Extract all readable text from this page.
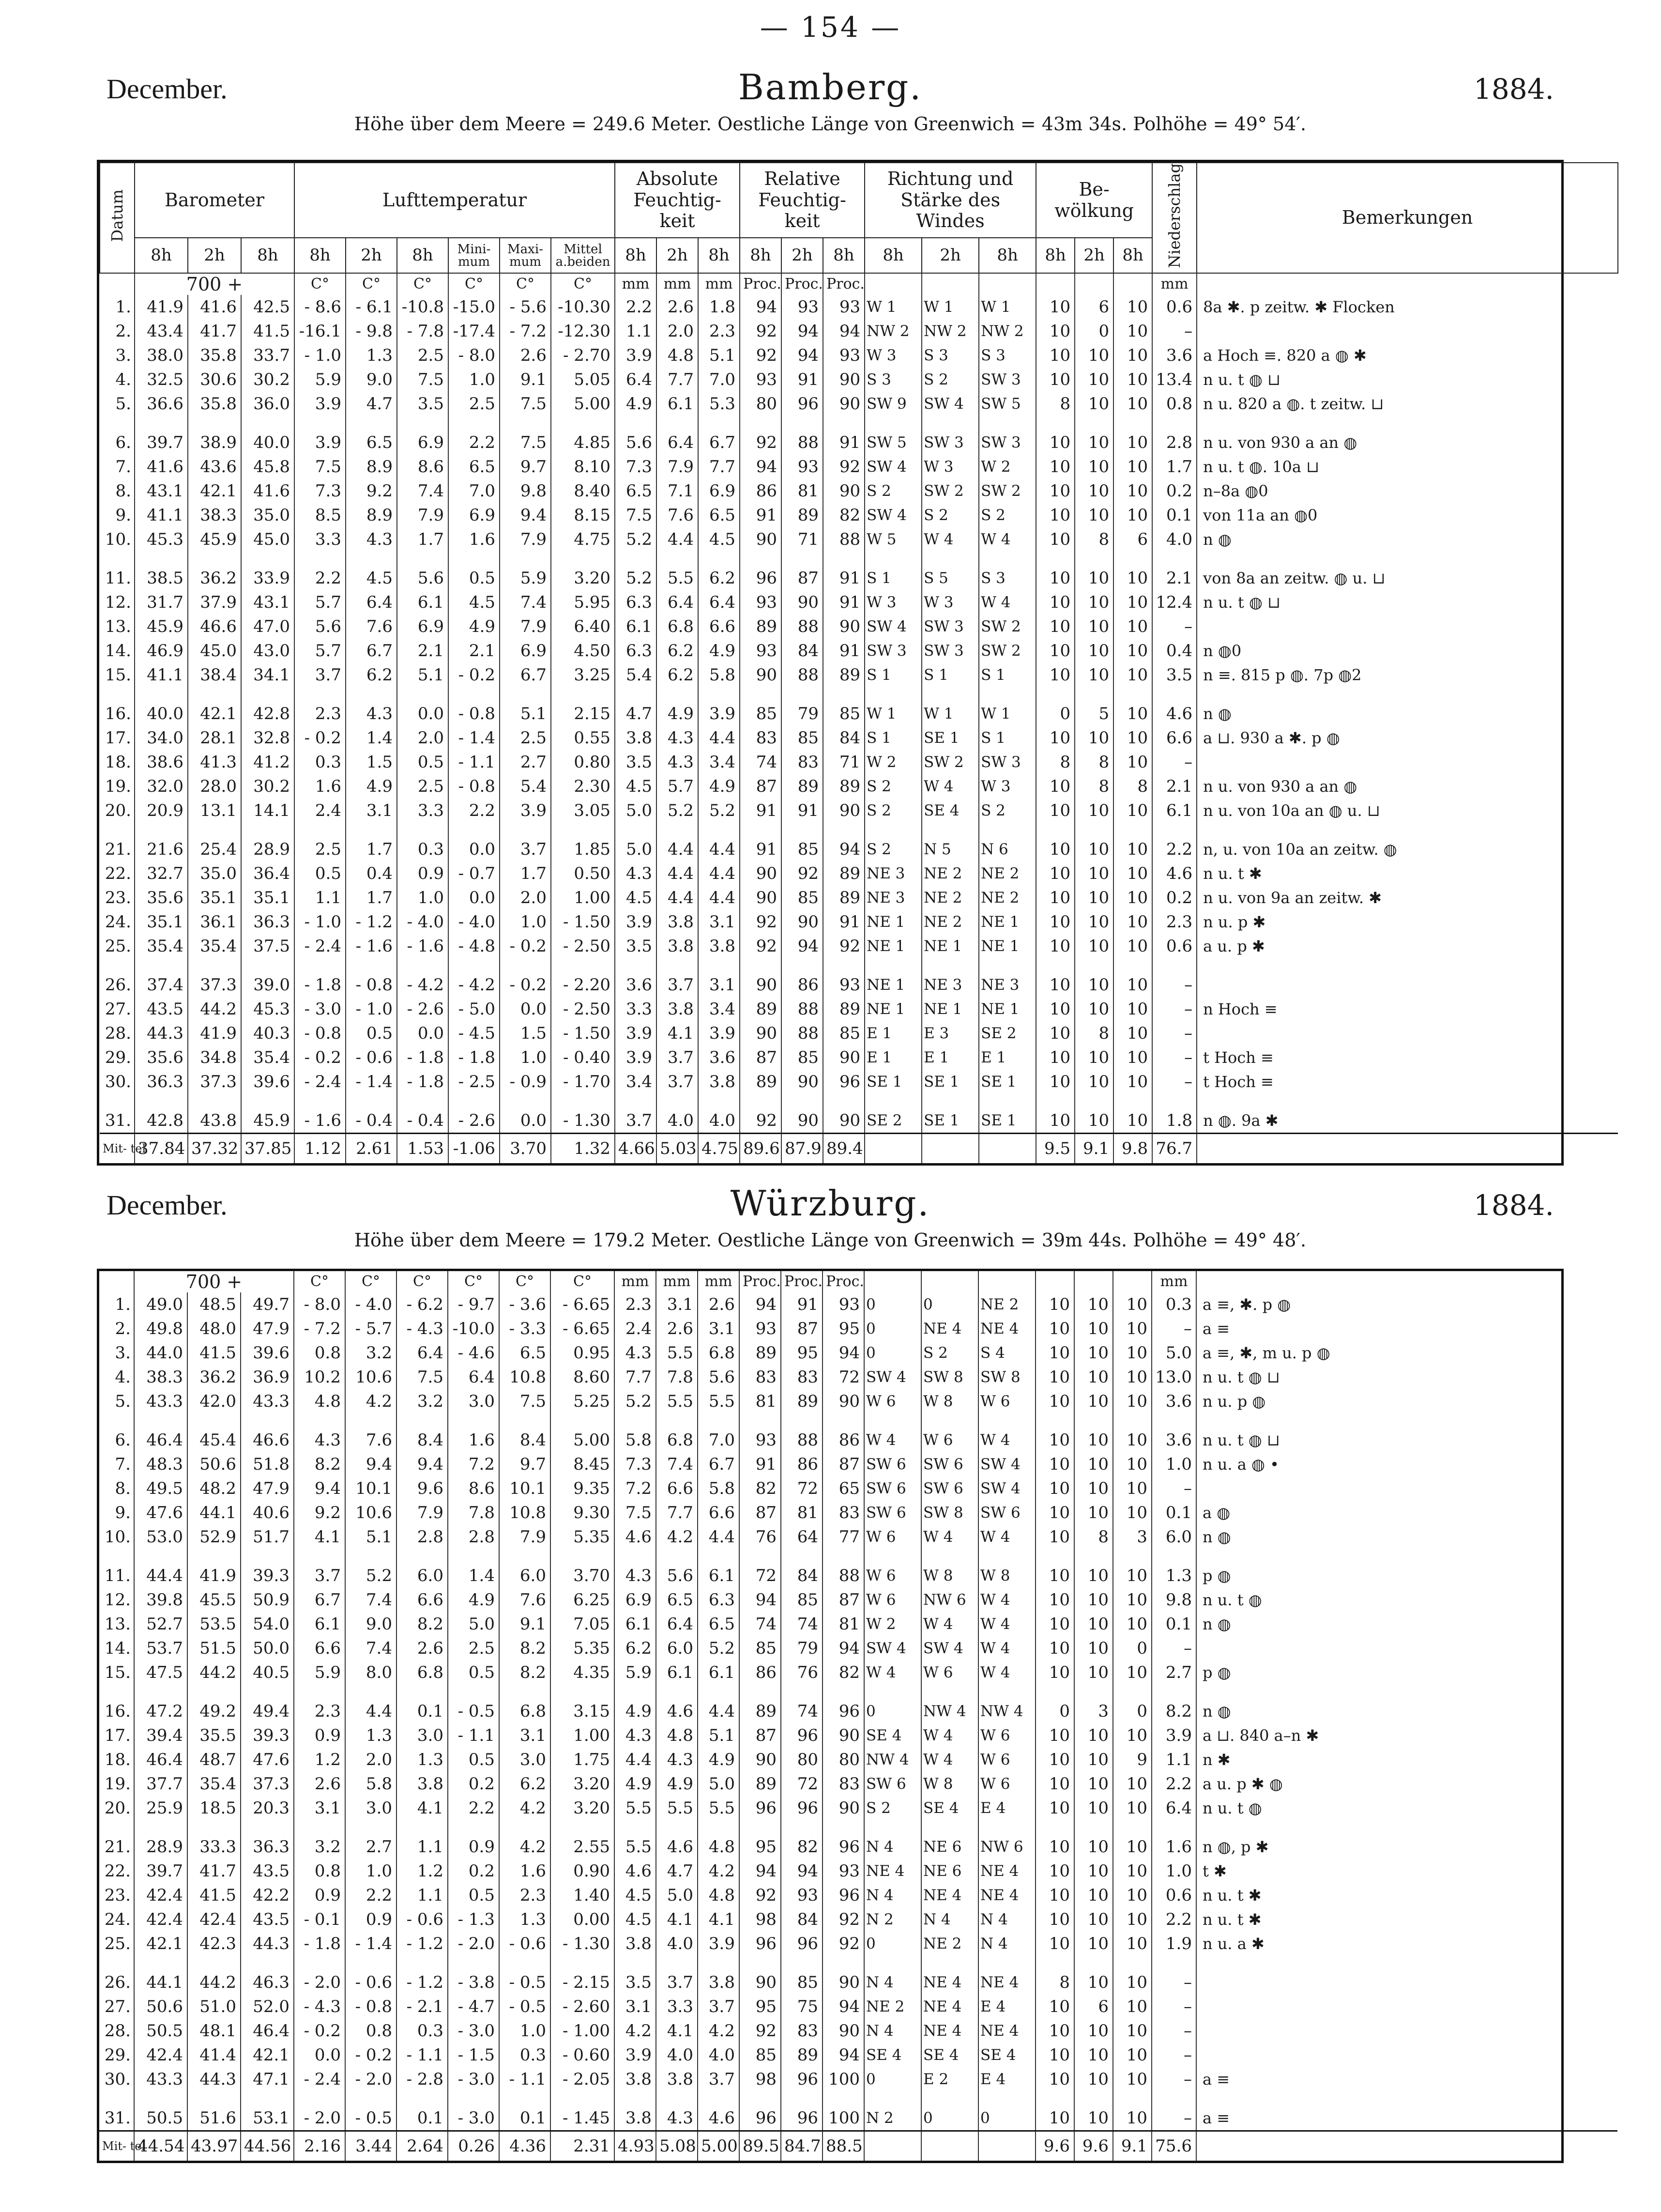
— 154 —
December.	Bamberg.	1884.
Höhe über dem Meere = 249.6 Meter. Oestliche Länge von Greenwich = 43m 34s. Polhöhe = 49° 54′.
Datum	Barometer			Lufttemperatur						Absolute Feuchtig- keit			Relative Feuchtig- keit			Richtung und Stärke des Windes			Be- wölkung			Niederschlag	Bemerkungen
	8h	2h	8h	8h	2h	8h	Mini- mum	Maxi- mum	Mittel a.beiden	8h	2h	8h	8h	2h	8h	8h	2h	8h	8h	2h	8h		
	700 +			C°	C°	C°	C°	C°	C°	mm	mm	mm	Proc.	Proc.	Proc.							mm	
1.	41.9	41.6	42.5	- 8.6	- 6.1	-10.8	-15.0	- 5.6	-10.30	2.2	2.6	1.8	94	93	93	W 1	W 1	W 1	10	6	10	0.6	8a ✱. p zeitw. ✱ Flocken
2.	43.4	41.7	41.5	-16.1	- 9.8	- 7.8	-17.4	- 7.2	-12.30	1.1	2.0	2.3	92	94	94	NW 2	NW 2	NW 2	10	0	10	–	
3.	38.0	35.8	33.7	- 1.0	1.3	2.5	- 8.0	2.6	- 2.70	3.9	4.8	5.1	92	94	93	W 3	S 3	S 3	10	10	10	3.6	a Hoch ≡. 820 a ◍ ✱
4.	32.5	30.6	30.2	5.9	9.0	7.5	1.0	9.1	5.05	6.4	7.7	7.0	93	91	90	S 3	S 2	SW 3	10	10	10	13.4	n u. t ◍ ⊔
5.	36.6	35.8	36.0	3.9	4.7	3.5	2.5	7.5	5.00	4.9	6.1	5.3	80	96	90	SW 9	SW 4	SW 5	8	10	10	0.8	n u. 820 a ◍. t zeitw. ⊔

6.	39.7	38.9	40.0	3.9	6.5	6.9	2.2	7.5	4.85	5.6	6.4	6.7	92	88	91	SW 5	SW 3	SW 3	10	10	10	2.8	n u. von 930 a an ◍
7.	41.6	43.6	45.8	7.5	8.9	8.6	6.5	9.7	8.10	7.3	7.9	7.7	94	93	92	SW 4	W 3	W 2	10	10	10	1.7	n u. t ◍. 10a ⊔
8.	43.1	42.1	41.6	7.3	9.2	7.4	7.0	9.8	8.40	6.5	7.1	6.9	86	81	90	S 2	SW 2	SW 2	10	10	10	0.2	n–8a ◍0
9.	41.1	38.3	35.0	8.5	8.9	7.9	6.9	9.4	8.15	7.5	7.6	6.5	91	89	82	SW 4	S 2	S 2	10	10	10	0.1	von 11a an ◍0
10.	45.3	45.9	45.0	3.3	4.3	1.7	1.6	7.9	4.75	5.2	4.4	4.5	90	71	88	W 5	W 4	W 4	10	8	6	4.0	n ◍

11.	38.5	36.2	33.9	2.2	4.5	5.6	0.5	5.9	3.20	5.2	5.5	6.2	96	87	91	S 1	S 5	S 3	10	10	10	2.1	von 8a an zeitw. ◍ u. ⊔
12.	31.7	37.9	43.1	5.7	6.4	6.1	4.5	7.4	5.95	6.3	6.4	6.4	93	90	91	W 3	W 3	W 4	10	10	10	12.4	n u. t ◍ ⊔
13.	45.9	46.6	47.0	5.6	7.6	6.9	4.9	7.9	6.40	6.1	6.8	6.6	89	88	90	SW 4	SW 3	SW 2	10	10	10	–	
14.	46.9	45.0	43.0	5.7	6.7	2.1	2.1	6.9	4.50	6.3	6.2	4.9	93	84	91	SW 3	SW 3	SW 2	10	10	10	0.4	n ◍0
15.	41.1	38.4	34.1	3.7	6.2	5.1	- 0.2	6.7	3.25	5.4	6.2	5.8	90	88	89	S 1	S 1	S 1	10	10	10	3.5	n ≡. 815 p ◍. 7p ◍2

16.	40.0	42.1	42.8	2.3	4.3	0.0	- 0.8	5.1	2.15	4.7	4.9	3.9	85	79	85	W 1	W 1	W 1	0	5	10	4.6	n ◍
17.	34.0	28.1	32.8	- 0.2	1.4	2.0	- 1.4	2.5	0.55	3.8	4.3	4.4	83	85	84	S 1	SE 1	S 1	10	10	10	6.6	a ⊔. 930 a ✱. p ◍
18.	38.6	41.3	41.2	0.3	1.5	0.5	- 1.1	2.7	0.80	3.5	4.3	3.4	74	83	71	W 2	SW 2	SW 3	8	8	10	–	
19.	32.0	28.0	30.2	1.6	4.9	2.5	- 0.8	5.4	2.30	4.5	5.7	4.9	87	89	89	S 2	W 4	W 3	10	8	8	2.1	n u. von 930 a an ◍
20.	20.9	13.1	14.1	2.4	3.1	3.3	2.2	3.9	3.05	5.0	5.2	5.2	91	91	90	S 2	SE 4	S 2	10	10	10	6.1	n u. von 10a an ◍ u. ⊔

21.	21.6	25.4	28.9	2.5	1.7	0.3	0.0	3.7	1.85	5.0	4.4	4.4	91	85	94	S 2	N 5	N 6	10	10	10	2.2	n, u. von 10a an zeitw. ◍
22.	32.7	35.0	36.4	0.5	0.4	0.9	- 0.7	1.7	0.50	4.3	4.4	4.4	90	92	89	NE 3	NE 2	NE 2	10	10	10	4.6	n u. t ✱
23.	35.6	35.1	35.1	1.1	1.7	1.0	0.0	2.0	1.00	4.5	4.4	4.4	90	85	89	NE 3	NE 2	NE 2	10	10	10	0.2	n u. von 9a an zeitw. ✱
24.	35.1	36.1	36.3	- 1.0	- 1.2	- 4.0	- 4.0	1.0	- 1.50	3.9	3.8	3.1	92	90	91	NE 1	NE 2	NE 1	10	10	10	2.3	n u. p ✱
25.	35.4	35.4	37.5	- 2.4	- 1.6	- 1.6	- 4.8	- 0.2	- 2.50	3.5	3.8	3.8	92	94	92	NE 1	NE 1	NE 1	10	10	10	0.6	a u. p ✱

26.	37.4	37.3	39.0	- 1.8	- 0.8	- 4.2	- 4.2	- 0.2	- 2.20	3.6	3.7	3.1	90	86	93	NE 1	NE 3	NE 3	10	10	10	–	
27.	43.5	44.2	45.3	- 3.0	- 1.0	- 2.6	- 5.0	0.0	- 2.50	3.3	3.8	3.4	89	88	89	NE 1	NE 1	NE 1	10	10	10	–	n Hoch ≡
28.	44.3	41.9	40.3	- 0.8	0.5	0.0	- 4.5	1.5	- 1.50	3.9	4.1	3.9	90	88	85	E 1	E 3	SE 2	10	8	10	–	
29.	35.6	34.8	35.4	- 0.2	- 0.6	- 1.8	- 1.8	1.0	- 0.40	3.9	3.7	3.6	87	85	90	E 1	E 1	E 1	10	10	10	–	t Hoch ≡
30.	36.3	37.3	39.6	- 2.4	- 1.4	- 1.8	- 2.5	- 0.9	- 1.70	3.4	3.7	3.8	89	90	96	SE 1	SE 1	SE 1	10	10	10	–	t Hoch ≡

31.	42.8	43.8	45.9	- 1.6	- 0.4	- 0.4	- 2.6	0.0	- 1.30	3.7	4.0	4.0	92	90	90	SE 2	SE 1	SE 1	10	10	10	1.8	n ◍. 9a ✱
Mit- tel	37.84	37.32	37.85	1.12	2.61	1.53	-1.06	3.70	1.32	4.66	5.03	4.75	89.6	87.9	89.4				9.5	9.1	9.8	76.7	
December.	Würzburg.	1884.
Höhe über dem Meere = 179.2 Meter. Oestliche Länge von Greenwich = 39m 44s. Polhöhe = 49° 48′.
	700 +			C°	C°	C°	C°	C°	C°	mm	mm	mm	Proc.	Proc.	Proc.							mm	
1.	49.0	48.5	49.7	- 8.0	- 4.0	- 6.2	- 9.7	- 3.6	- 6.65	2.3	3.1	2.6	94	91	93	0	0	NE 2	10	10	10	0.3	a ≡, ✱. p ◍
2.	49.8	48.0	47.9	- 7.2	- 5.7	- 4.3	-10.0	- 3.3	- 6.65	2.4	2.6	3.1	93	87	95	0	NE 4	NE 4	10	10	10	–	a ≡
3.	44.0	41.5	39.6	0.8	3.2	6.4	- 4.6	6.5	0.95	4.3	5.5	6.8	89	95	94	0	S 2	S 4	10	10	10	5.0	a ≡, ✱, m u. p ◍
4.	38.3	36.2	36.9	10.2	10.6	7.5	6.4	10.8	8.60	7.7	7.8	5.6	83	83	72	SW 4	SW 8	SW 8	10	10	10	13.0	n u. t ◍ ⊔
5.	43.3	42.0	43.3	4.8	4.2	3.2	3.0	7.5	5.25	5.2	5.5	5.5	81	89	90	W 6	W 8	W 6	10	10	10	3.6	n u. p ◍

6.	46.4	45.4	46.6	4.3	7.6	8.4	1.6	8.4	5.00	5.8	6.8	7.0	93	88	86	W 4	W 6	W 4	10	10	10	3.6	n u. t ◍ ⊔
7.	48.3	50.6	51.8	8.2	9.4	9.4	7.2	9.7	8.45	7.3	7.4	6.7	91	86	87	SW 6	SW 6	SW 4	10	10	10	1.0	n u. a ◍ •
8.	49.5	48.2	47.9	9.4	10.1	9.6	8.6	10.1	9.35	7.2	6.6	5.8	82	72	65	SW 6	SW 6	SW 4	10	10	10	–	
9.	47.6	44.1	40.6	9.2	10.6	7.9	7.8	10.8	9.30	7.5	7.7	6.6	87	81	83	SW 6	SW 8	SW 6	10	10	10	0.1	a ◍
10.	53.0	52.9	51.7	4.1	5.1	2.8	2.8	7.9	5.35	4.6	4.2	4.4	76	64	77	W 6	W 4	W 4	10	8	3	6.0	n ◍

11.	44.4	41.9	39.3	3.7	5.2	6.0	1.4	6.0	3.70	4.3	5.6	6.1	72	84	88	W 6	W 8	W 8	10	10	10	1.3	p ◍
12.	39.8	45.5	50.9	6.7	7.4	6.6	4.9	7.6	6.25	6.9	6.5	6.3	94	85	87	W 6	NW 6	W 4	10	10	10	9.8	n u. t ◍
13.	52.7	53.5	54.0	6.1	9.0	8.2	5.0	9.1	7.05	6.1	6.4	6.5	74	74	81	W 2	W 4	W 4	10	10	10	0.1	n ◍
14.	53.7	51.5	50.0	6.6	7.4	2.6	2.5	8.2	5.35	6.2	6.0	5.2	85	79	94	SW 4	SW 4	W 4	10	10	0	–	
15.	47.5	44.2	40.5	5.9	8.0	6.8	0.5	8.2	4.35	5.9	6.1	6.1	86	76	82	W 4	W 6	W 4	10	10	10	2.7	p ◍

16.	47.2	49.2	49.4	2.3	4.4	0.1	- 0.5	6.8	3.15	4.9	4.6	4.4	89	74	96	0	NW 4	NW 4	0	3	0	8.2	n ◍
17.	39.4	35.5	39.3	0.9	1.3	3.0	- 1.1	3.1	1.00	4.3	4.8	5.1	87	96	90	SE 4	W 4	W 6	10	10	10	3.9	a ⊔. 840 a–n ✱
18.	46.4	48.7	47.6	1.2	2.0	1.3	0.5	3.0	1.75	4.4	4.3	4.9	90	80	80	NW 4	W 4	W 6	10	10	9	1.1	n ✱
19.	37.7	35.4	37.3	2.6	5.8	3.8	0.2	6.2	3.20	4.9	4.9	5.0	89	72	83	SW 6	W 8	W 6	10	10	10	2.2	a u. p ✱ ◍
20.	25.9	18.5	20.3	3.1	3.0	4.1	2.2	4.2	3.20	5.5	5.5	5.5	96	96	90	S 2	SE 4	E 4	10	10	10	6.4	n u. t ◍

21.	28.9	33.3	36.3	3.2	2.7	1.1	0.9	4.2	2.55	5.5	4.6	4.8	95	82	96	N 4	NE 6	NW 6	10	10	10	1.6	n ◍, p ✱
22.	39.7	41.7	43.5	0.8	1.0	1.2	0.2	1.6	0.90	4.6	4.7	4.2	94	94	93	NE 4	NE 6	NE 4	10	10	10	1.0	t ✱
23.	42.4	41.5	42.2	0.9	2.2	1.1	0.5	2.3	1.40	4.5	5.0	4.8	92	93	96	N 4	NE 4	NE 4	10	10	10	0.6	n u. t ✱
24.	42.4	42.4	43.5	- 0.1	0.9	- 0.6	- 1.3	1.3	0.00	4.5	4.1	4.1	98	84	92	N 2	N 4	N 4	10	10	10	2.2	n u. t ✱
25.	42.1	42.3	44.3	- 1.8	- 1.4	- 1.2	- 2.0	- 0.6	- 1.30	3.8	4.0	3.9	96	96	92	0	NE 2	N 4	10	10	10	1.9	n u. a ✱

26.	44.1	44.2	46.3	- 2.0	- 0.6	- 1.2	- 3.8	- 0.5	- 2.15	3.5	3.7	3.8	90	85	90	N 4	NE 4	NE 4	8	10	10	–	
27.	50.6	51.0	52.0	- 4.3	- 0.8	- 2.1	- 4.7	- 0.5	- 2.60	3.1	3.3	3.7	95	75	94	NE 2	NE 4	E 4	10	6	10	–	
28.	50.5	48.1	46.4	- 0.2	0.8	0.3	- 3.0	1.0	- 1.00	4.2	4.1	4.2	92	83	90	N 4	NE 4	NE 4	10	10	10	–	
29.	42.4	41.4	42.1	0.0	- 0.2	- 1.1	- 1.5	0.3	- 0.60	3.9	4.0	4.0	85	89	94	SE 4	SE 4	SE 4	10	10	10	–	
30.	43.3	44.3	47.1	- 2.4	- 2.0	- 2.8	- 3.0	- 1.1	- 2.05	3.8	3.8	3.7	98	96	100	0	E 2	E 4	10	10	10	–	a ≡

31.	50.5	51.6	53.1	- 2.0	- 0.5	0.1	- 3.0	0.1	- 1.45	3.8	4.3	4.6	96	96	100	N 2	0	0	10	10	10	–	a ≡
Mit- tel	44.54	43.97	44.56	2.16	3.44	2.64	0.26	4.36	2.31	4.93	5.08	5.00	89.5	84.7	88.5				9.6	9.6	9.1	75.6	
